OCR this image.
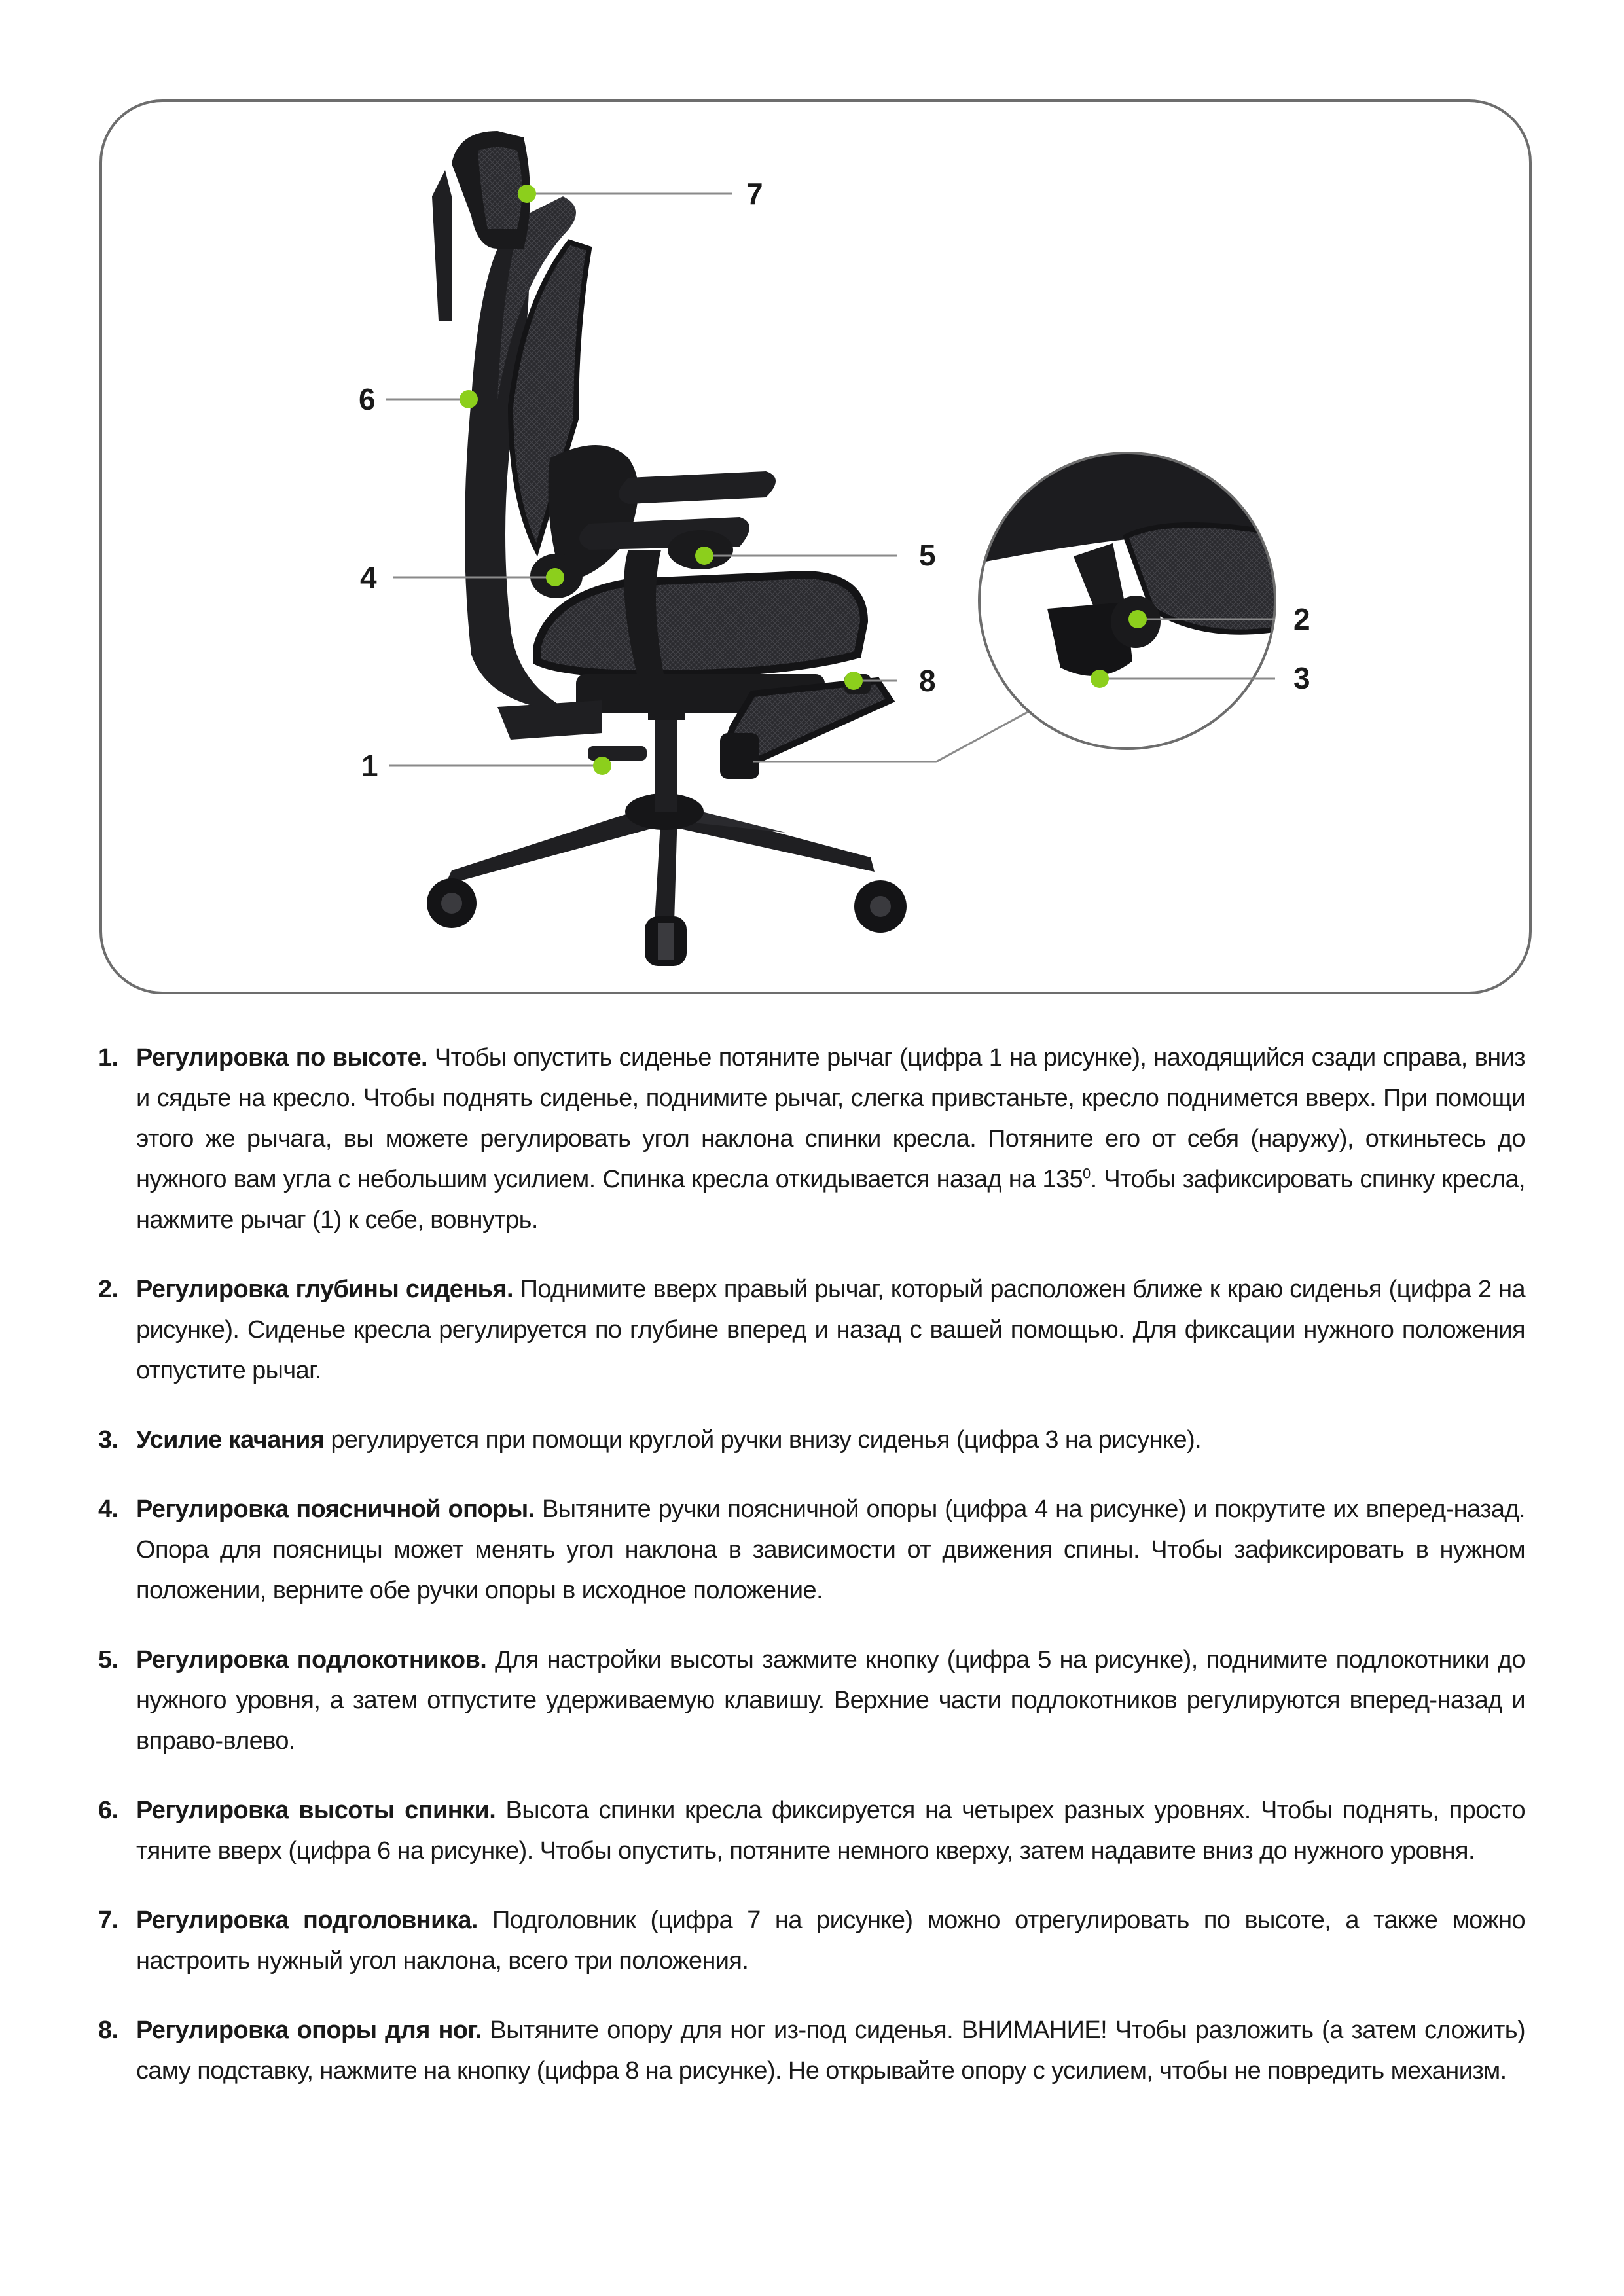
7
6
4
5
8
1
2
3
1. Регулировка по высоте. Чтобы опустить сиденье потяните рычаг (цифра 1 на рисунке), находящийся сзади справа, вниз и сядьте на кресло. Чтобы поднять сиденье, поднимите рычаг, слегка привстаньте, кресло поднимется вверх. При помощи этого же рычага, вы можете регулировать угол наклона спинки кресла. Потяните его от себя (наружу), откиньтесь до нужного вам угла с небольшим усилием. Спинка кресла откидывается назад на $135^0$. Чтобы зафиксировать спинку кресла, нажмите рычаг (1) к себе, вовнутрь.
2. Регулировка глубины сиденья. Поднимите вверх правый рычаг, который расположен ближе к краю сиденья (цифра 2 на рисунке). Сиденье кресла регулируется по глубине вперед и назад с вашей помощью. Для фиксации нужного положения отпустите рычаг.
3. Усилие качания регулируется при помощи круглой ручки внизу сиденья (цифра 3 на рисунке).
4. Регулировка поясничной опоры. Вытяните ручки поясничной опоры (цифра 4 на рисунке) и покрутите их вперед-назад. Опора для поясницы может менять угол наклона в зависимости от движения спины. Чтобы зафиксировать в нужном положении, верните обе ручки опоры в исходное положение.
5. Регулировка подлокотников. Для настройки высоты зажмите кнопку (цифра 5 на рисунке), поднимите подлокотники до нужного уровня, а затем отпустите удерживаемую клавишу. Верхние части подлокотников регулируются вперед-назад и вправо-влево.
6. Регулировка высоты спинки. Высота спинки кресла фиксируется на четырех разных уровнях. Чтобы поднять, просто тяните вверх (цифра 6 на рисунке). Чтобы опустить, потяните немного кверху, затем надавите вниз до нужного уровня.
7. Регулировка подголовника. Подголовник (цифра 7 на рисунке) можно отрегулировать по высоте, а также можно настроить нужный угол наклона, всего три положения.
8. Регулировка опоры для ног. Вытяните опору для ног из-под сиденья. ВНИМАНИЕ! Чтобы разложить (а затем сложить) саму подставку, нажмите на кнопку (цифра 8 на рисунке). Не открывайте опору с усилием, чтобы не повредить механизм.
